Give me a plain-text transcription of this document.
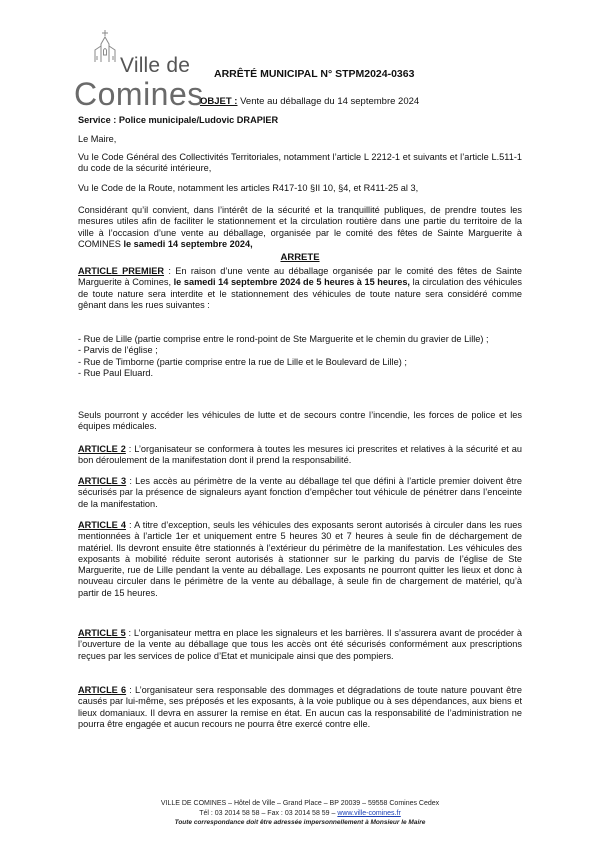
Ville de
Comines
ARRÊTÉ MUNICIPAL N° STPM2024-0363
OBJET : Vente au déballage du 14 septembre 2024
Service : Police municipale/Ludovic DRAPIER
Le Maire,
Vu le Code Général des Collectivités Territoriales, notamment l’article L 2212-1 et suivants et l’article L.511-1 du code de la sécurité intérieure,
Vu le Code de la Route, notamment les articles R417-10 §II 10, §4, et R411-25 al 3,
Considérant qu’il convient, dans l’intérêt de la sécurité et la tranquillité publiques, de prendre toutes les mesures utiles afin de faciliter le stationnement et la circulation routière dans une partie du territoire de la ville à l’occasion d’une vente au déballage, organisée par le comité des fêtes de Sainte Marguerite à COMINES le samedi 14 septembre 2024,
ARRETE
ARTICLE PREMIER : En raison d’une vente au déballage organisée par le comité des fêtes de Sainte Marguerite à Comines, le samedi 14 septembre 2024 de 5 heures à 15 heures, la circulation des véhicules de toute nature sera interdite et le stationnement des véhicules de toute nature sera considéré comme gênant dans les rues suivantes :
- Rue de Lille (partie comprise entre le rond-point de Ste Marguerite et le chemin du gravier de Lille) ;
- Parvis de l’église ;
- Rue de Timborne (partie comprise entre la rue de Lille et le Boulevard de Lille) ;
- Rue Paul Eluard.
Seuls pourront y accéder les véhicules de lutte et de secours contre l’incendie, les forces de police et les équipes médicales.
ARTICLE 2 : L’organisateur se conformera à toutes les mesures ici prescrites et relatives à la sécurité et au bon déroulement de la manifestation dont il prend la responsabilité.
ARTICLE 3 : Les accès au périmètre de la vente au déballage tel que défini à l’article premier doivent être sécurisés par la présence de signaleurs ayant fonction d’empêcher tout véhicule de pénétrer dans l’enceinte de la manifestation.
ARTICLE 4 : A titre d’exception, seuls les véhicules des exposants seront autorisés à circuler dans les rues mentionnées à l’article 1er et uniquement entre 5 heures 30 et 7 heures à seule fin de déchargement de matériel. Ils devront ensuite être stationnés à l’extérieur du périmètre de la manifestation. Les véhicules des exposants à mobilité réduite seront autorisés à stationner sur le parking du parvis de l’église de Ste Marguerite, rue de Lille pendant la vente au déballage. Les exposants ne pourront quitter les lieux et donc à nouveau circuler dans le périmètre de la vente au déballage, à seule fin de chargement de matériel, qu’à partir de 15 heures.
ARTICLE 5 : L’organisateur mettra en place les signaleurs et les barrières. Il s’assurera avant de procéder à l’ouverture de la vente au déballage que tous les accès ont été sécurisés conformément aux prescriptions reçues par les services de police d’Etat et municipale ainsi que des pompiers.
ARTICLE 6 : L’organisateur sera responsable des dommages et dégradations de toute nature pouvant être causés par lui-même, ses préposés et les exposants, à la voie publique ou à ses dépendances, aux biens et lieux domaniaux. Il devra en assurer la remise en état. En aucun cas la responsabilité de l’administration ne pourra être engagée et aucun recours ne pourra être exercé contre elle.
VILLE DE COMINES – Hôtel de Ville – Grand Place – BP 20039 – 59558 Comines Cedex
Tél : 03 2014 58 58 – Fax : 03 2014 58 59 – www.ville-comines.fr
Toute correspondance doit être adressée impersonnellement à Monsieur le Maire
